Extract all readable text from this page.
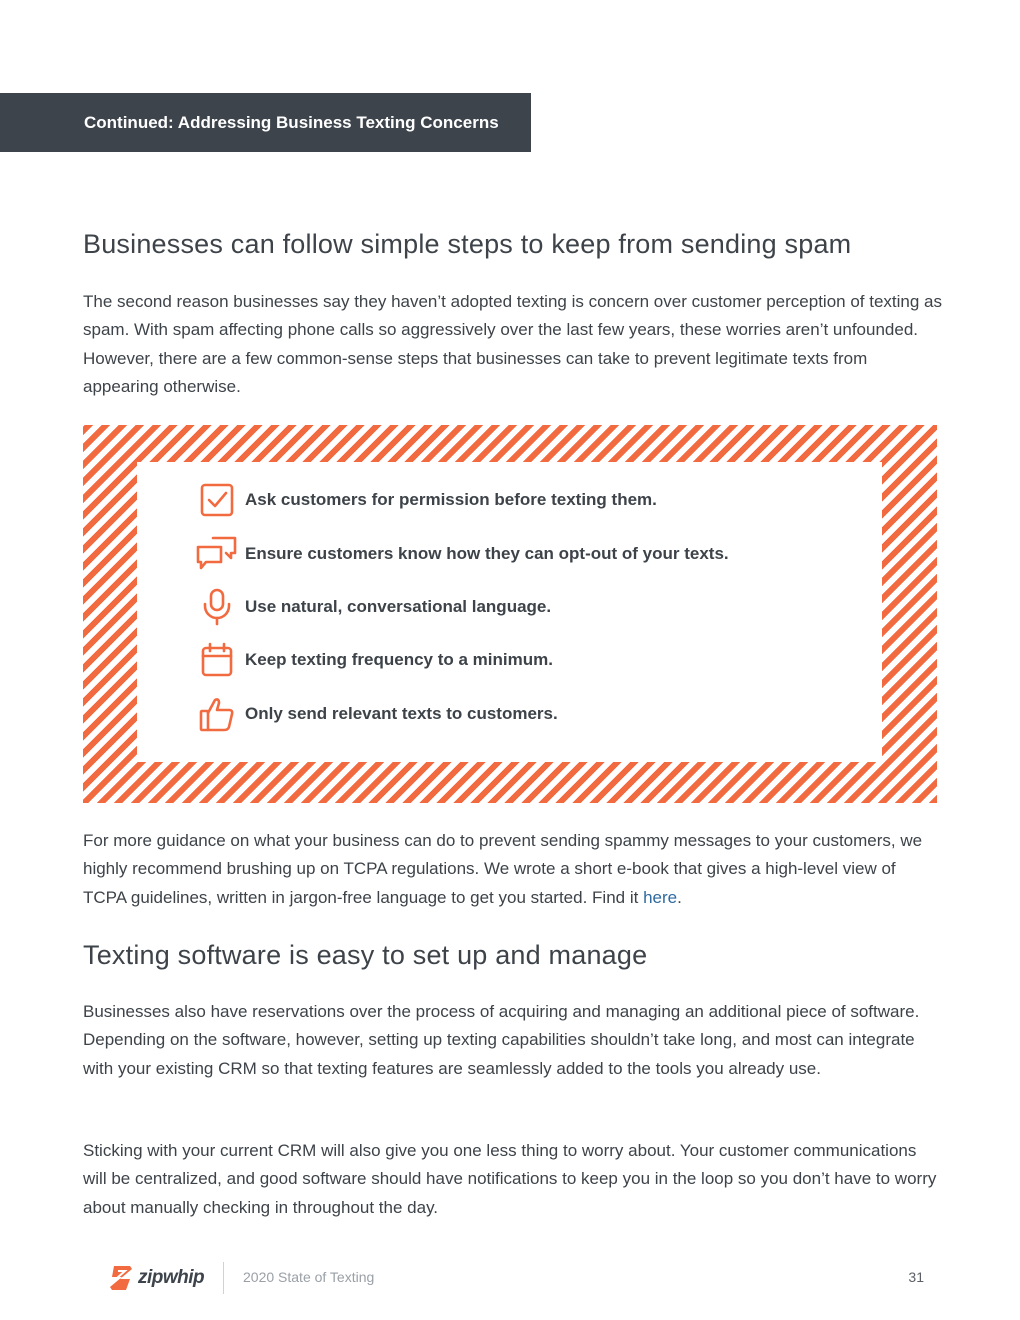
Continued: Addressing Business Texting Concerns
Businesses can follow simple steps to keep from sending spam

The second reason businesses say they haven’t adopted texting is concern over customer perception of texting as spam. With spam affecting phone calls so aggressively over the last few years, these worries aren’t unfounded. However, there are a few common-sense steps that businesses can take to prevent legitimate texts from appearing otherwise.

Ask customers for permission before texting them.
Ensure customers know how they can opt-out of your texts.
Use natural, conversational language.
Keep texting frequency to a minimum.
Only send relevant texts to customers.

For more guidance on what your business can do to prevent sending spammy messages to your customers, we highly recommend brushing up on TCPA regulations. We wrote a short e-book that gives a high-level view of TCPA guidelines, written in jargon-free language to get you started. Find it here.

Texting software is easy to set up and manage

Businesses also have reservations over the process of acquiring and managing an additional piece of software. Depending on the software, however, setting up texting capabilities shouldn’t take long, and most can integrate with your existing CRM so that texting features are seamlessly added to the tools you already use.

Sticking with your current CRM will also give you one less thing to worry about. Your customer communications will be centralized, and good software should have notifications to keep you in the loop so you don’t have to worry about manually checking in throughout the day.

zipwhip	2020 State of Texting	31
